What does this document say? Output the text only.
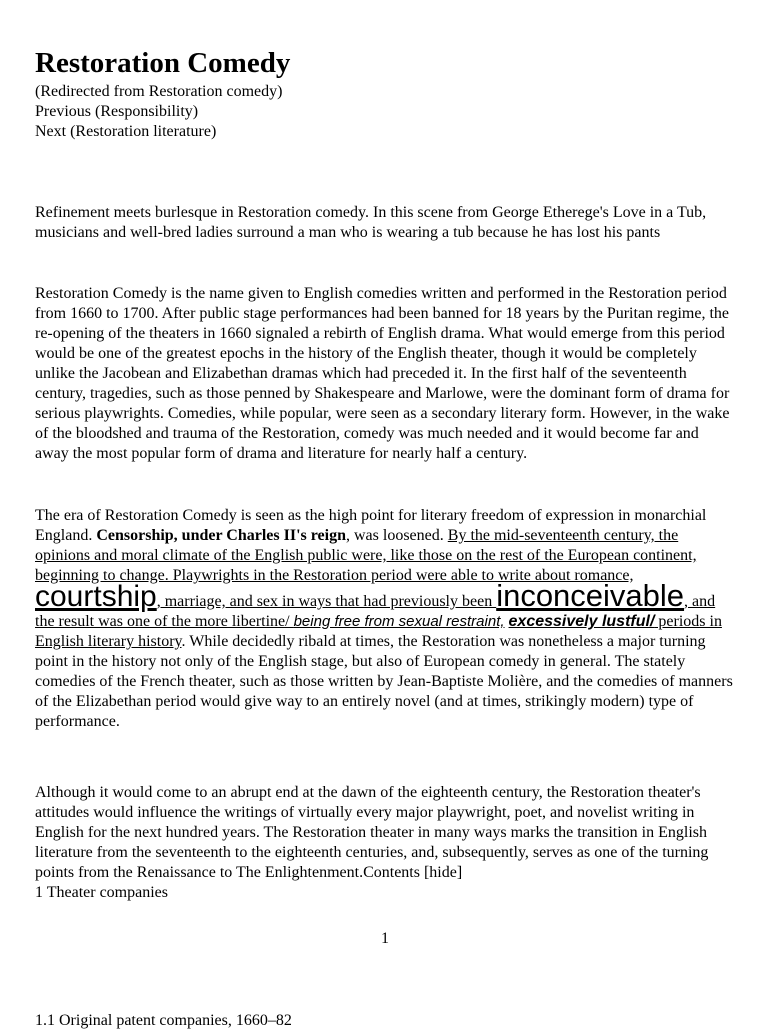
Restoration Comedy
(Redirected from Restoration comedy)
Previous (Responsibility)
Next (Restoration literature)
Refinement meets burlesque in Restoration comedy. In this scene from George Etherege's Love in a Tub, musicians and well-bred ladies surround a man who is wearing a tub because he has lost his pants
Restoration Comedy is the name given to English comedies written and performed in the Restoration period from 1660 to 1700. After public stage performances had been banned for 18 years by the Puritan regime, the re-opening of the theaters in 1660 signaled a rebirth of English drama. What would emerge from this period would be one of the greatest epochs in the history of the English theater, though it would be completely unlike the Jacobean and Elizabethan dramas which had preceded it. In the first half of the seventeenth century, tragedies, such as those penned by Shakespeare and Marlowe, were the dominant form of drama for serious playwrights. Comedies, while popular, were seen as a secondary literary form. However, in the wake of the bloodshed and trauma of the Restoration, comedy was much needed and it would become far and away the most popular form of drama and literature for nearly half a century.
The era of Restoration Comedy is seen as the high point for literary freedom of expression in monarchial England. Censorship, under Charles II's reign, was loosened. By the mid-seventeenth century, the opinions and moral climate of the English public were, like those on the rest of the European continent, beginning to change. Playwrights in the Restoration period were able to write about romance, courtship, marriage, and sex in ways that had previously been inconceivable, and the result was one of the more libertine/ being free from sexual restraint, excessively lustful/ periods in English literary history. While decidedly ribald at times, the Restoration was nonetheless a major turning point in the history not only of the English stage, but also of European comedy in general. The stately comedies of the French theater, such as those written by Jean-Baptiste Molière, and the comedies of manners of the Elizabethan period would give way to an entirely novel (and at times, strikingly modern) type of performance.
Although it would come to an abrupt end at the dawn of the eighteenth century, the Restoration theater's attitudes would influence the writings of virtually every major playwright, poet, and novelist writing in English for the next hundred years. The Restoration theater in many ways marks the transition in English literature from the seventeenth to the eighteenth centuries, and, subsequently, serves as one of the turning points from the Renaissance to The Enlightenment.Contents [hide]
1 Theater companies
1
1.1 Original patent companies, 1660–82
